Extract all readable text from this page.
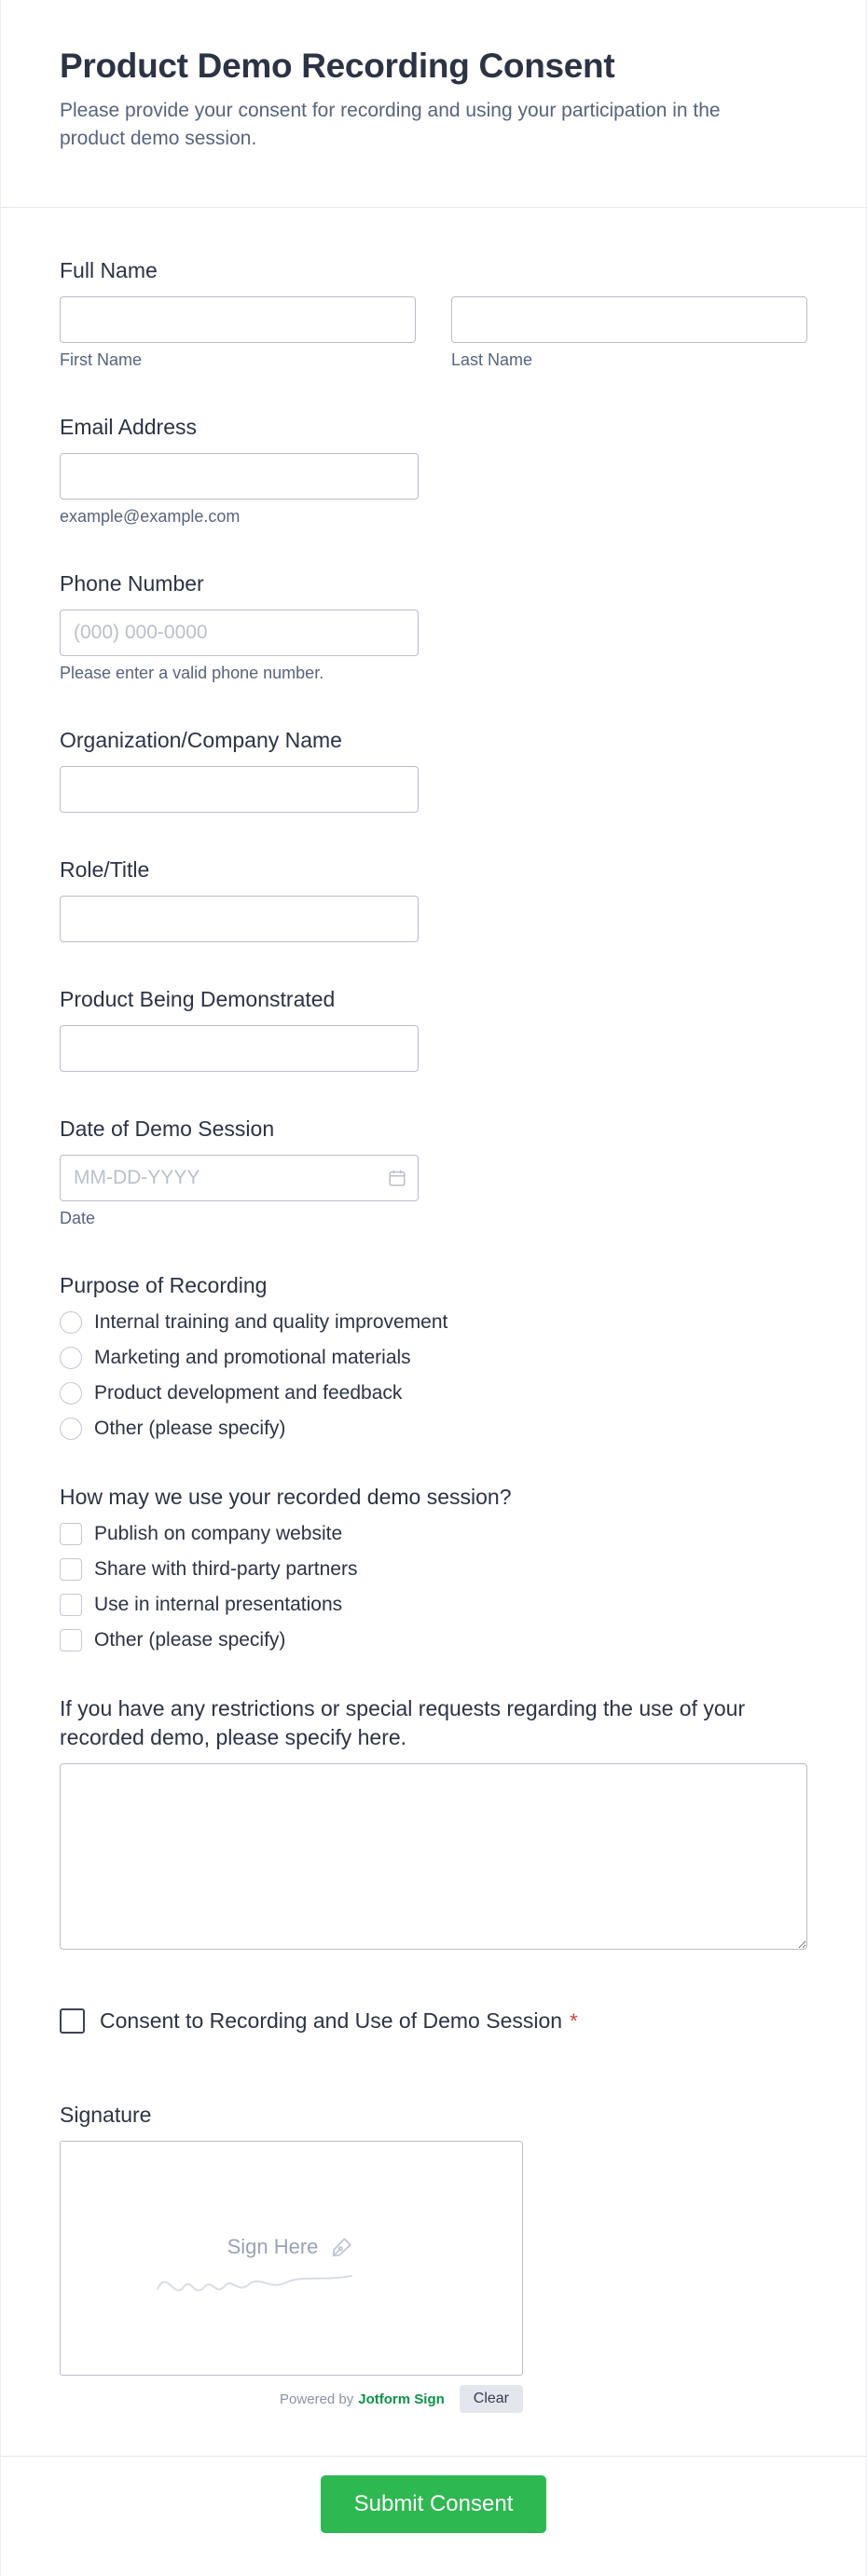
Product Demo Recording Consent

Please provide your consent for recording and using your participation in the product demo session.

Full Name
First Name	Last Name
Email Address
example@example.com
Phone Number
(000) 000-0000
Please enter a valid phone number.
Organization/Company Name
Role/Title
Product Being Demonstrated
Date of Demo Session
MM-DD-YYYY
Date
Purpose of Recording
Internal training and quality improvement
Marketing and promotional materials
Product development and feedback
Other (please specify)
How may we use your recorded demo session?
Publish on company website
Share with third-party partners
Use in internal presentations
Other (please specify)
If you have any restrictions or special requests regarding the use of your recorded demo, please specify here.
Consent to Recording and Use of Demo Session *
Signature
Sign Here
Powered by Jotform Sign	Clear
Submit Consent
